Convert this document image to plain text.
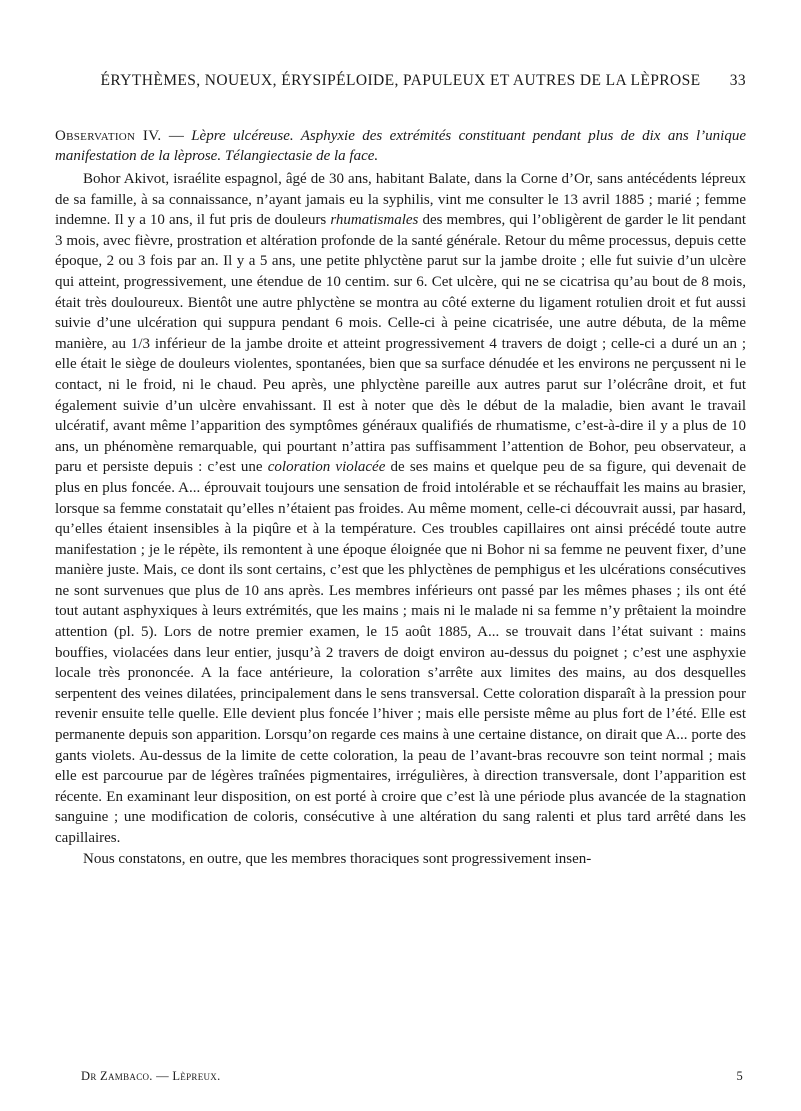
ÉRYTHÈMES, NOUEUX, ÉRYSIPÉLOIDE, PAPULEUX ET AUTRES DE LA LÈPROSE	33
Observation IV. — Lèpre ulcéreuse. Asphyxie des extrémités constituant pendant plus de dix ans l’unique manifestation de la lèprose. Télangiectasie de la face.

Bohor Akivot, israélite espagnol, âgé de 30 ans, habitant Balate, dans la Corne d’Or, sans antécédents lépreux de sa famille, à sa connaissance, n’ayant jamais eu la syphilis, vint me consulter le 13 avril 1885 ; marié ; femme indemne. Il y a 10 ans, il fut pris de douleurs rhumatismales des membres, qui l’obligèrent de garder le lit pendant 3 mois, avec fièvre, prostration et altération profonde de la santé générale. Retour du même processus, depuis cette époque, 2 ou 3 fois par an. Il y a 5 ans, une petite phlyctène parut sur la jambe droite ; elle fut suivie d’un ulcère qui atteint, progressivement, une étendue de 10 centim. sur 6. Cet ulcère, qui ne se cicatrisa qu’au bout de 8 mois, était très douloureux. Bientôt une autre phlyctène se montra au côté externe du ligament rotulien droit et fut aussi suivie d’une ulcération qui suppura pendant 6 mois. Celle-ci à peine cicatrisée, une autre débuta, de la même manière, au 1/3 inférieur de la jambe droite et atteint progressivement 4 travers de doigt ; celle-ci a duré un an ; elle était le siège de douleurs violentes, spontanées, bien que sa surface dénudée et les environs ne perçussent ni le contact, ni le froid, ni le chaud. Peu après, une phlyctène pareille aux autres parut sur l’olécrâne droit, et fut également suivie d’un ulcère envahissant. Il est à noter que dès le début de la maladie, bien avant le travail ulcératif, avant même l’apparition des symptômes généraux qualifiés de rhumatisme, c’est-à-dire il y a plus de 10 ans, un phénomène remarquable, qui pourtant n’attira pas suffisamment l’attention de Bohor, peu observateur, a paru et persiste depuis : c’est une coloration violacée de ses mains et quelque peu de sa figure, qui devenait de plus en plus foncée. A... éprouvait toujours une sensation de froid intolérable et se réchauffait les mains au brasier, lorsque sa femme constatait qu’elles n’étaient pas froides. Au même moment, celle-ci découvrait aussi, par hasard, qu’elles étaient insensibles à la piqûre et à la température. Ces troubles capillaires ont ainsi précédé toute autre manifestation ; je le répète, ils remontent à une époque éloignée que ni Bohor ni sa femme ne peuvent fixer, d’une manière juste. Mais, ce dont ils sont certains, c’est que les phlyctènes de pemphigus et les ulcérations consécutives ne sont survenues que plus de 10 ans après. Les membres inférieurs ont passé par les mêmes phases ; ils ont été tout autant asphyxiques à leurs extrémités, que les mains ; mais ni le malade ni sa femme n’y prêtaient la moindre attention (pl. 5). Lors de notre premier examen, le 15 août 1885, A... se trouvait dans l’état suivant : mains bouffies, violacées dans leur entier, jusqu’à 2 travers de doigt environ au-dessus du poignet ; c’est une asphyxie locale très prononcée. A la face antérieure, la coloration s’arrête aux limites des mains, au dos desquelles serpentent des veines dilatées, principalement dans le sens transversal. Cette coloration disparaît à la pression pour revenir ensuite telle quelle. Elle devient plus foncée l’hiver ; mais elle persiste même au plus fort de l’été. Elle est permanente depuis son apparition. Lorsqu’on regarde ces mains à une certaine distance, on dirait que A... porte des gants violets. Au-dessus de la limite de cette coloration, la peau de l’avant-bras recouvre son teint normal ; mais elle est parcourue par de légères traînées pigmentaires, irrégulières, à direction transversale, dont l’apparition est récente. En examinant leur disposition, on est porté à croire que c’est là une période plus avancée de la stagnation sanguine ; une modification de coloris, consécutive à une altération du sang ralenti et plus tard arrêté dans les capillaires.

Nous constatons, en outre, que les membres thoraciques sont progressivement insen-

Dr Zambaco. — Lèpreux.	5
